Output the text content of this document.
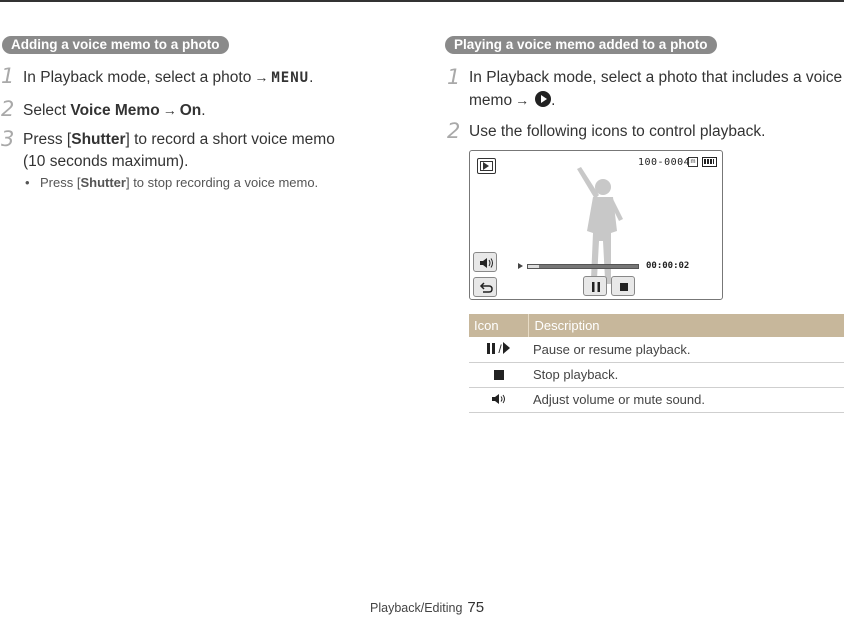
Adding a voice memo to a photo
1 In Playback mode, select a photo → MENU.
2 Select Voice Memo → On.
3 Press [Shutter] to record a short voice memo
(10 seconds maximum).
• Press [Shutter] to stop recording a voice memo.
Playing a voice memo added to a photo
1 In Playback mode, select a photo that includes a voice
memo → .
2 Use the following icons to control playback.
100-0004 m
00:00:02
Icon	Description
/	Pause or resume playback.
	Stop playback.
	Adjust volume or mute sound.
Playback/Editing 75
